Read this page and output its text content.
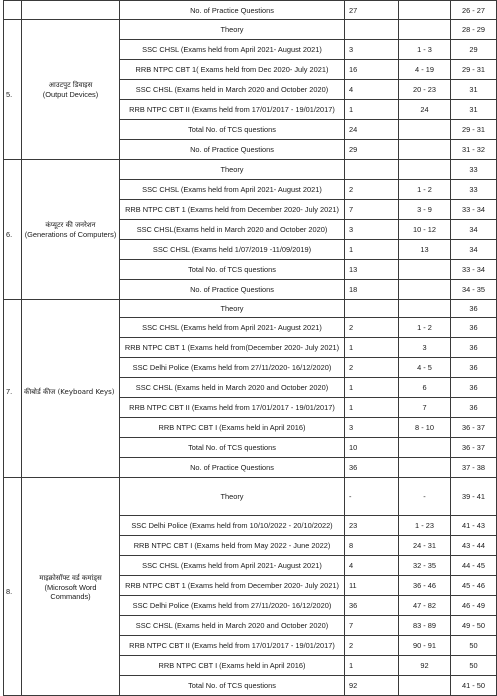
	No. of Practice Questions	27		26 - 27

5.	आउटपुट डिवाइस
(Output Devices)	Theory			28 - 29
		SSC CHSL (Exams held from April 2021- August 2021)	3	1 - 3	29
		RRB NTPC CBT 1( Exams held from Dec 2020- July 2021)	16	4 - 19	29 - 31
		SSC CHSL (Exams held in March 2020 and October 2020)	4	20 - 23	31
		RRB NTPC CBT II (Exams held from 17/01/2017 - 19/01/2017)	1	24	31
		Total No. of TCS questions	24		29 - 31
		No. of Practice Questions	29		31 - 32

6.	कंप्यूटर की जनरेशन
(Generations of Computers)	Theory			33
		SSC CHSL (Exams held from April 2021- August 2021)	2	1 - 2	33
		RRB NTPC CBT 1 (Exams held from December 2020- July 2021)	7	3 - 9	33 - 34
		SSC CHSL(Exams held in March 2020 and October 2020)	3	10 - 12	34
		SSC CHSL (Exams held 1/07/2019 -11/09/2019)	1	13	34
		Total No. of TCS questions	13		33 - 34
		No. of Practice Questions	18		34 - 35

7.	कीबोर्ड कीज (Keyboard Keys)	Theory			36
		SSC CHSL (Exams held from April 2021- August 2021)	2	1 - 2	36
		RRB NTPC CBT 1 (Exams held from(December 2020- July 2021)	1	3	36
		SSC Delhi Police (Exams held from 27/11/2020- 16/12/2020)	2	4 - 5	36
		SSC CHSL (Exams held in March 2020 and October 2020)	1	6	36
		RRB NTPC CBT II (Exams held from 17/01/2017 - 19/01/2017)	1	7	36
		RRB NTPC CBT I (Exams held in April 2016)	3	8 - 10	36 - 37
		Total No. of TCS questions	10		36 - 37
		No. of Practice Questions	36		37 - 38

8.	माइक्रोसॉफ्ट वर्ड कमांड्स
(Microsoft Word
Commands)	Theory	-	-	39 - 41
		SSC Delhi Police (Exams held from 10/10/2022 - 20/10/2022)	23	1 - 23	41 - 43
		RRB NTPC CBT I (Exams held from May 2022 - June 2022)	8	24 - 31	43 - 44
		SSC CHSL (Exams held from April 2021- August 2021)	4	32 - 35	44 - 45
		RRB NTPC CBT 1 (Exams held from December 2020- July 2021)	11	36 - 46	45 - 46
		SSC Delhi Police (Exams held from 27/11/2020- 16/12/2020)	36	47 - 82	46 - 49
		SSC CHSL (Exams held in March 2020 and October 2020)	7	83 - 89	49 - 50
		RRB NTPC CBT II (Exams held from 17/01/2017 - 19/01/2017)	2	90 - 91	50
		RRB NTPC CBT I (Exams held in April 2016)	1	92	50
		Total No. of TCS questions	92		41 - 50
